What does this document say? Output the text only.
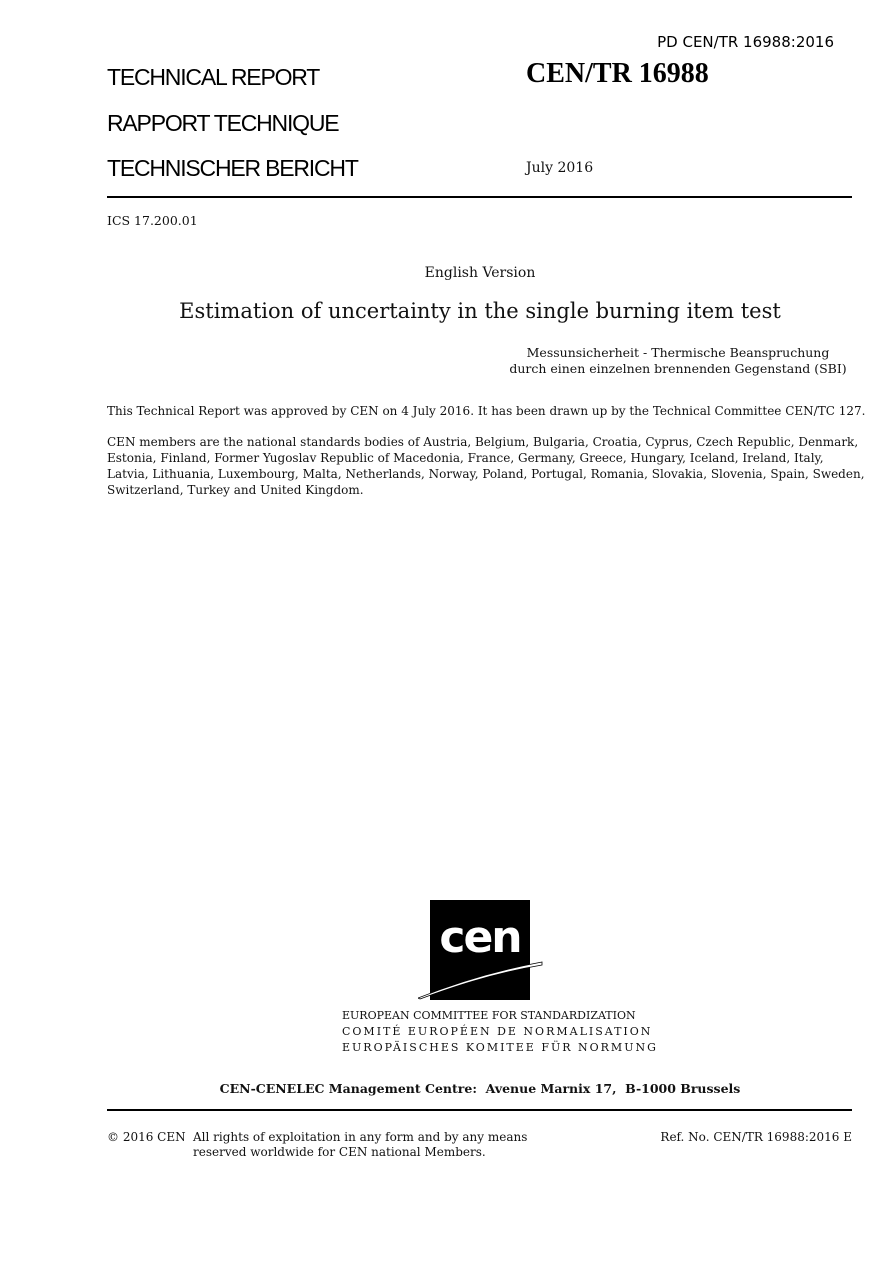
PD CEN/TR 16988:2016
TECHNICAL REPORT
RAPPORT TECHNIQUE
TECHNISCHER BERICHT
CEN/TR 16988
July 2016
ICS 17.200.01
English Version
Estimation of uncertainty in the single burning item test
Messunsicherheit - Thermische Beanspruchung durch einen einzelnen brennenden Gegenstand (SBI)
This Technical Report was approved by CEN on 4 July 2016. It has been drawn up by the Technical Committee CEN/TC 127.
CEN members are the national standards bodies of Austria, Belgium, Bulgaria, Croatia, Cyprus, Czech Republic, Denmark, Estonia, Finland, Former Yugoslav Republic of Macedonia, France, Germany, Greece, Hungary, Iceland, Ireland, Italy, Latvia, Lithuania, Luxembourg, Malta, Netherlands, Norway, Poland, Portugal, Romania, Slovakia, Slovenia, Spain, Sweden, Switzerland, Turkey and United Kingdom.
cen
EUROPEAN COMMITTEE FOR STANDARDIZATION
COMITÉ EUROPÉEN DE NORMALISATION
EUROPÄISCHES KOMITEE FÜR NORMUNG
CEN-CENELEC Management Centre:  Avenue Marnix 17,  B-1000 Brussels
© 2016 CEN All rights of exploitation in any form and by any means reserved worldwide for CEN national Members.
Ref. No. CEN/TR 16988:2016 E
